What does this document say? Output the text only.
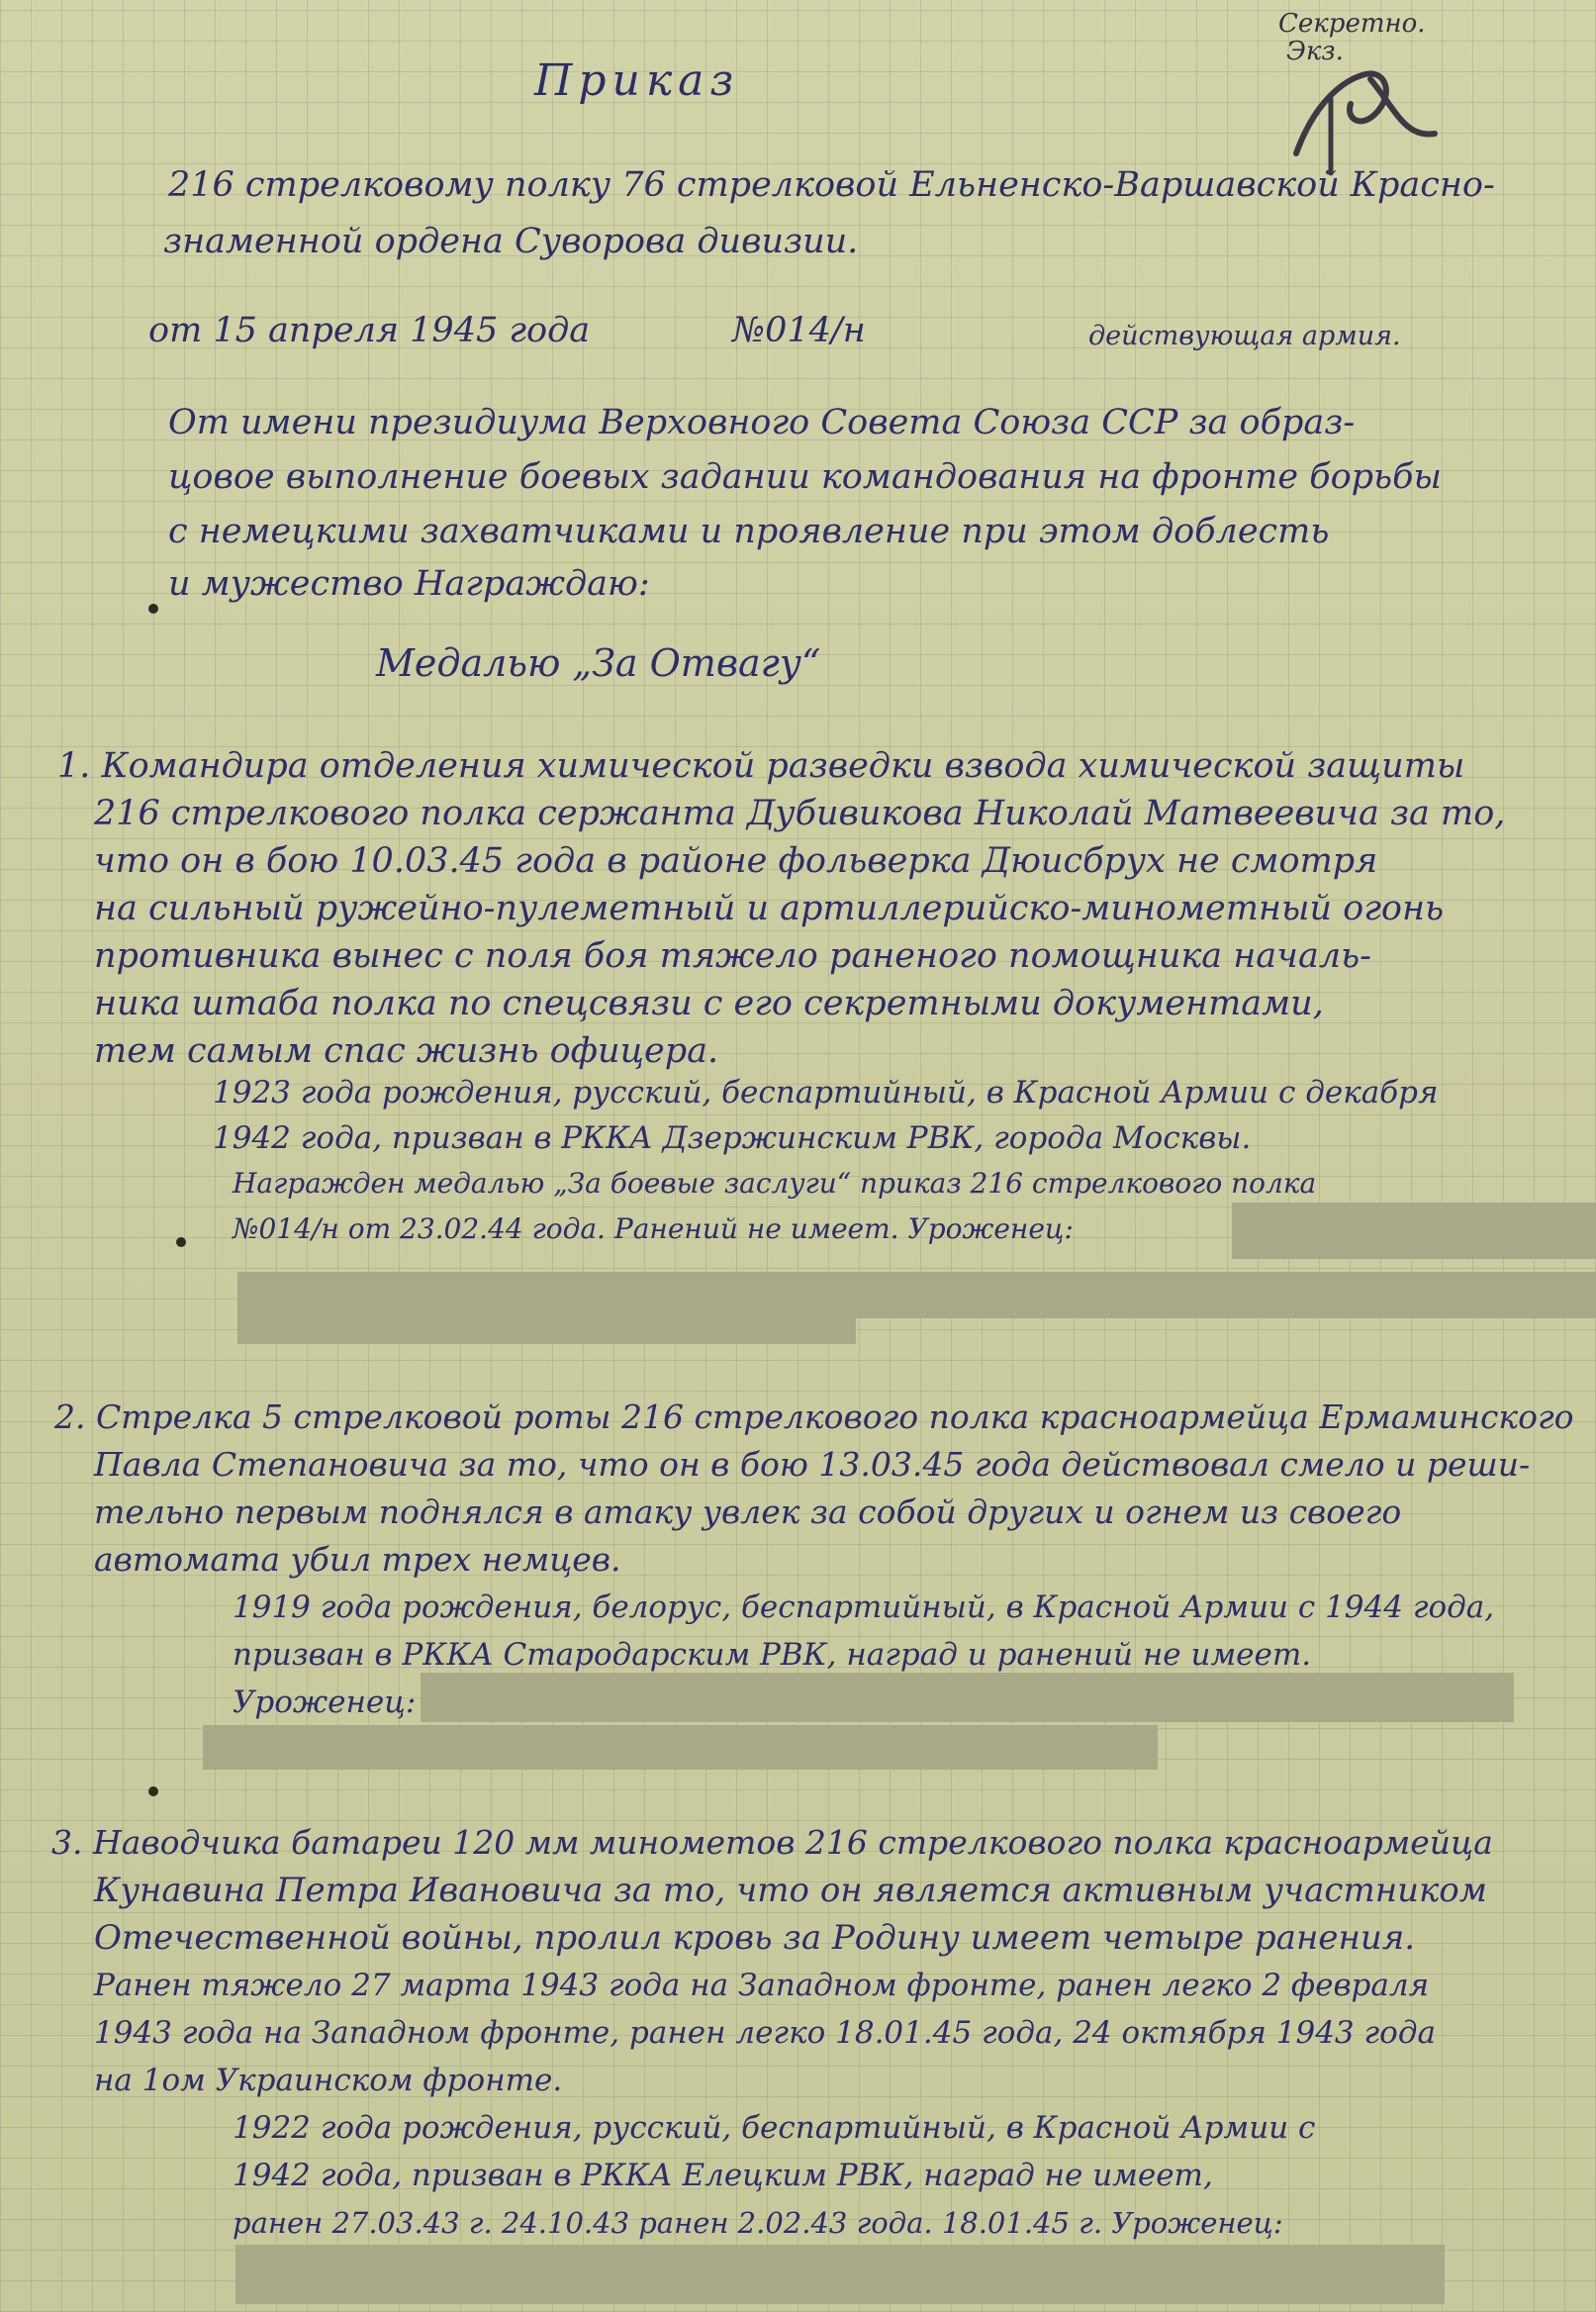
Секретно.
Экз.
Приказ
216 стрелковому полку 76 стрелковой Ельненско-Варшавской Красно-
знаменной ордена Суворова дивизии.
от 15 апреля 1945 года	№014/н	действующая армия.
От имени президиума Верховного Совета Союза ССР за образ-
цовое выполнение боевых задании командования на фронте борьбы
с немецкими захватчиками и проявление при этом доблесть
и мужество Награждаю:
Медалью „За Отвагу“
1. Командира отделения химической разведки взвода химической защиты
216 стрелкового полка сержанта Дубивикова Николай Матвеевича за то,
что он в бою 10.03.45 года в районе фольверка Дюисбрух не смотря
на сильный ружейно-пулеметный и артиллерийско-минометный огонь
противника вынес с поля боя тяжело раненого помощника началь-
ника штаба полка по спецсвязи с его секретными документами,
тем самым спас жизнь офицера.
1923 года рождения, русский, беспартийный, в Красной Армии с декабря
1942 года, призван в РККА Дзержинским РВК, города Москвы.
Награжден медалью „За боевые заслуги“ приказ 216 стрелкового полка
№014/н от 23.02.44 года. Ранений не имеет. Уроженец:
2. Стрелка 5 стрелковой роты 216 стрелкового полка красноармейца Ермаминского
Павла Степановича за то, что он в бою 13.03.45 года действовал смело и реши-
тельно первым поднялся в атаку увлек за собой других и огнем из своего
автомата убил трех немцев.
1919 года рождения, белорус, беспартийный, в Красной Армии с 1944 года,
призван в РККА Стародарским РВК, наград и ранений не имеет.
Уроженец:
3. Наводчика батареи 120 мм минометов 216 стрелкового полка красноармейца
Кунавина Петра Ивановича за то, что он является активным участником
Отечественной войны, пролил кровь за Родину имеет четыре ранения.
Ранен тяжело 27 марта 1943 года на Западном фронте, ранен легко 2 февраля
1943 года на Западном фронте, ранен легко 18.01.45 года, 24 октября 1943 года
на 1ом Украинском фронте.
1922 года рождения, русский, беспартийный, в Красной Армии с
1942 года, призван в РККА Елецким РВК, наград не имеет,
ранен 27.03.43 г. 24.10.43 ранен 2.02.43 года. 18.01.45 г. Уроженец:
